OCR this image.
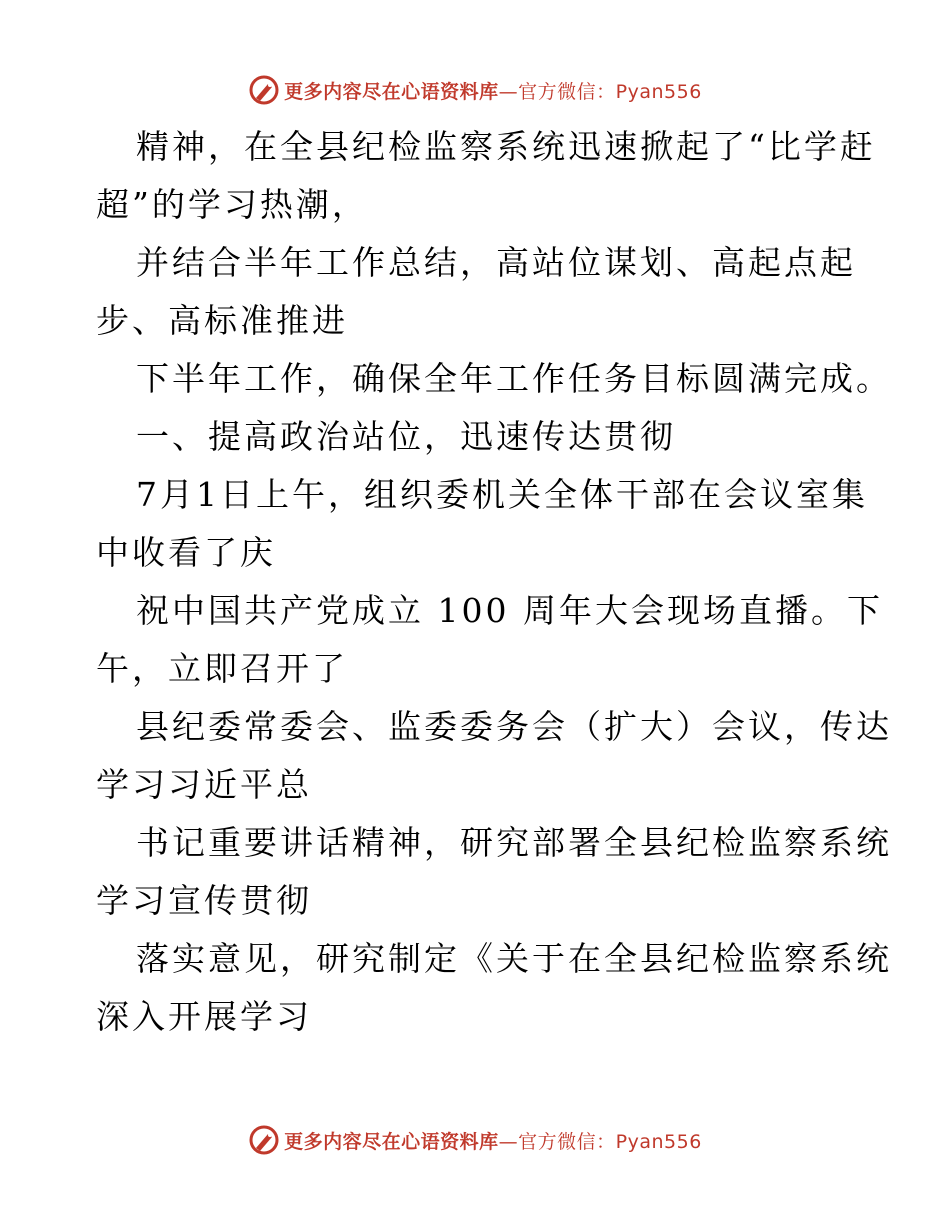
更多内容尽在心语资料库 —官方微信：Pyan556
精神，在全县纪检监察系统迅速掀起了“比学赶
超”的学习热潮，
并结合半年工作总结，高站位谋划、高起点起
步、高标准推进
下半年工作，确保全年工作任务目标圆满完成。
一、提高政治站位，迅速传达贯彻
7月1日上午，组织委机关全体干部在会议室集
中收看了庆
祝中国共产党成立 100 周年大会现场直播。下
午，立即召开了
县纪委常委会、监委委务会（扩大）会议，传达
学习习近平总
书记重要讲话精神，研究部署全县纪检监察系统
学习宣传贯彻
落实意见，研究制定《关于在全县纪检监察系统
深入开展学习
更多内容尽在心语资料库 —官方微信：Pyan556
